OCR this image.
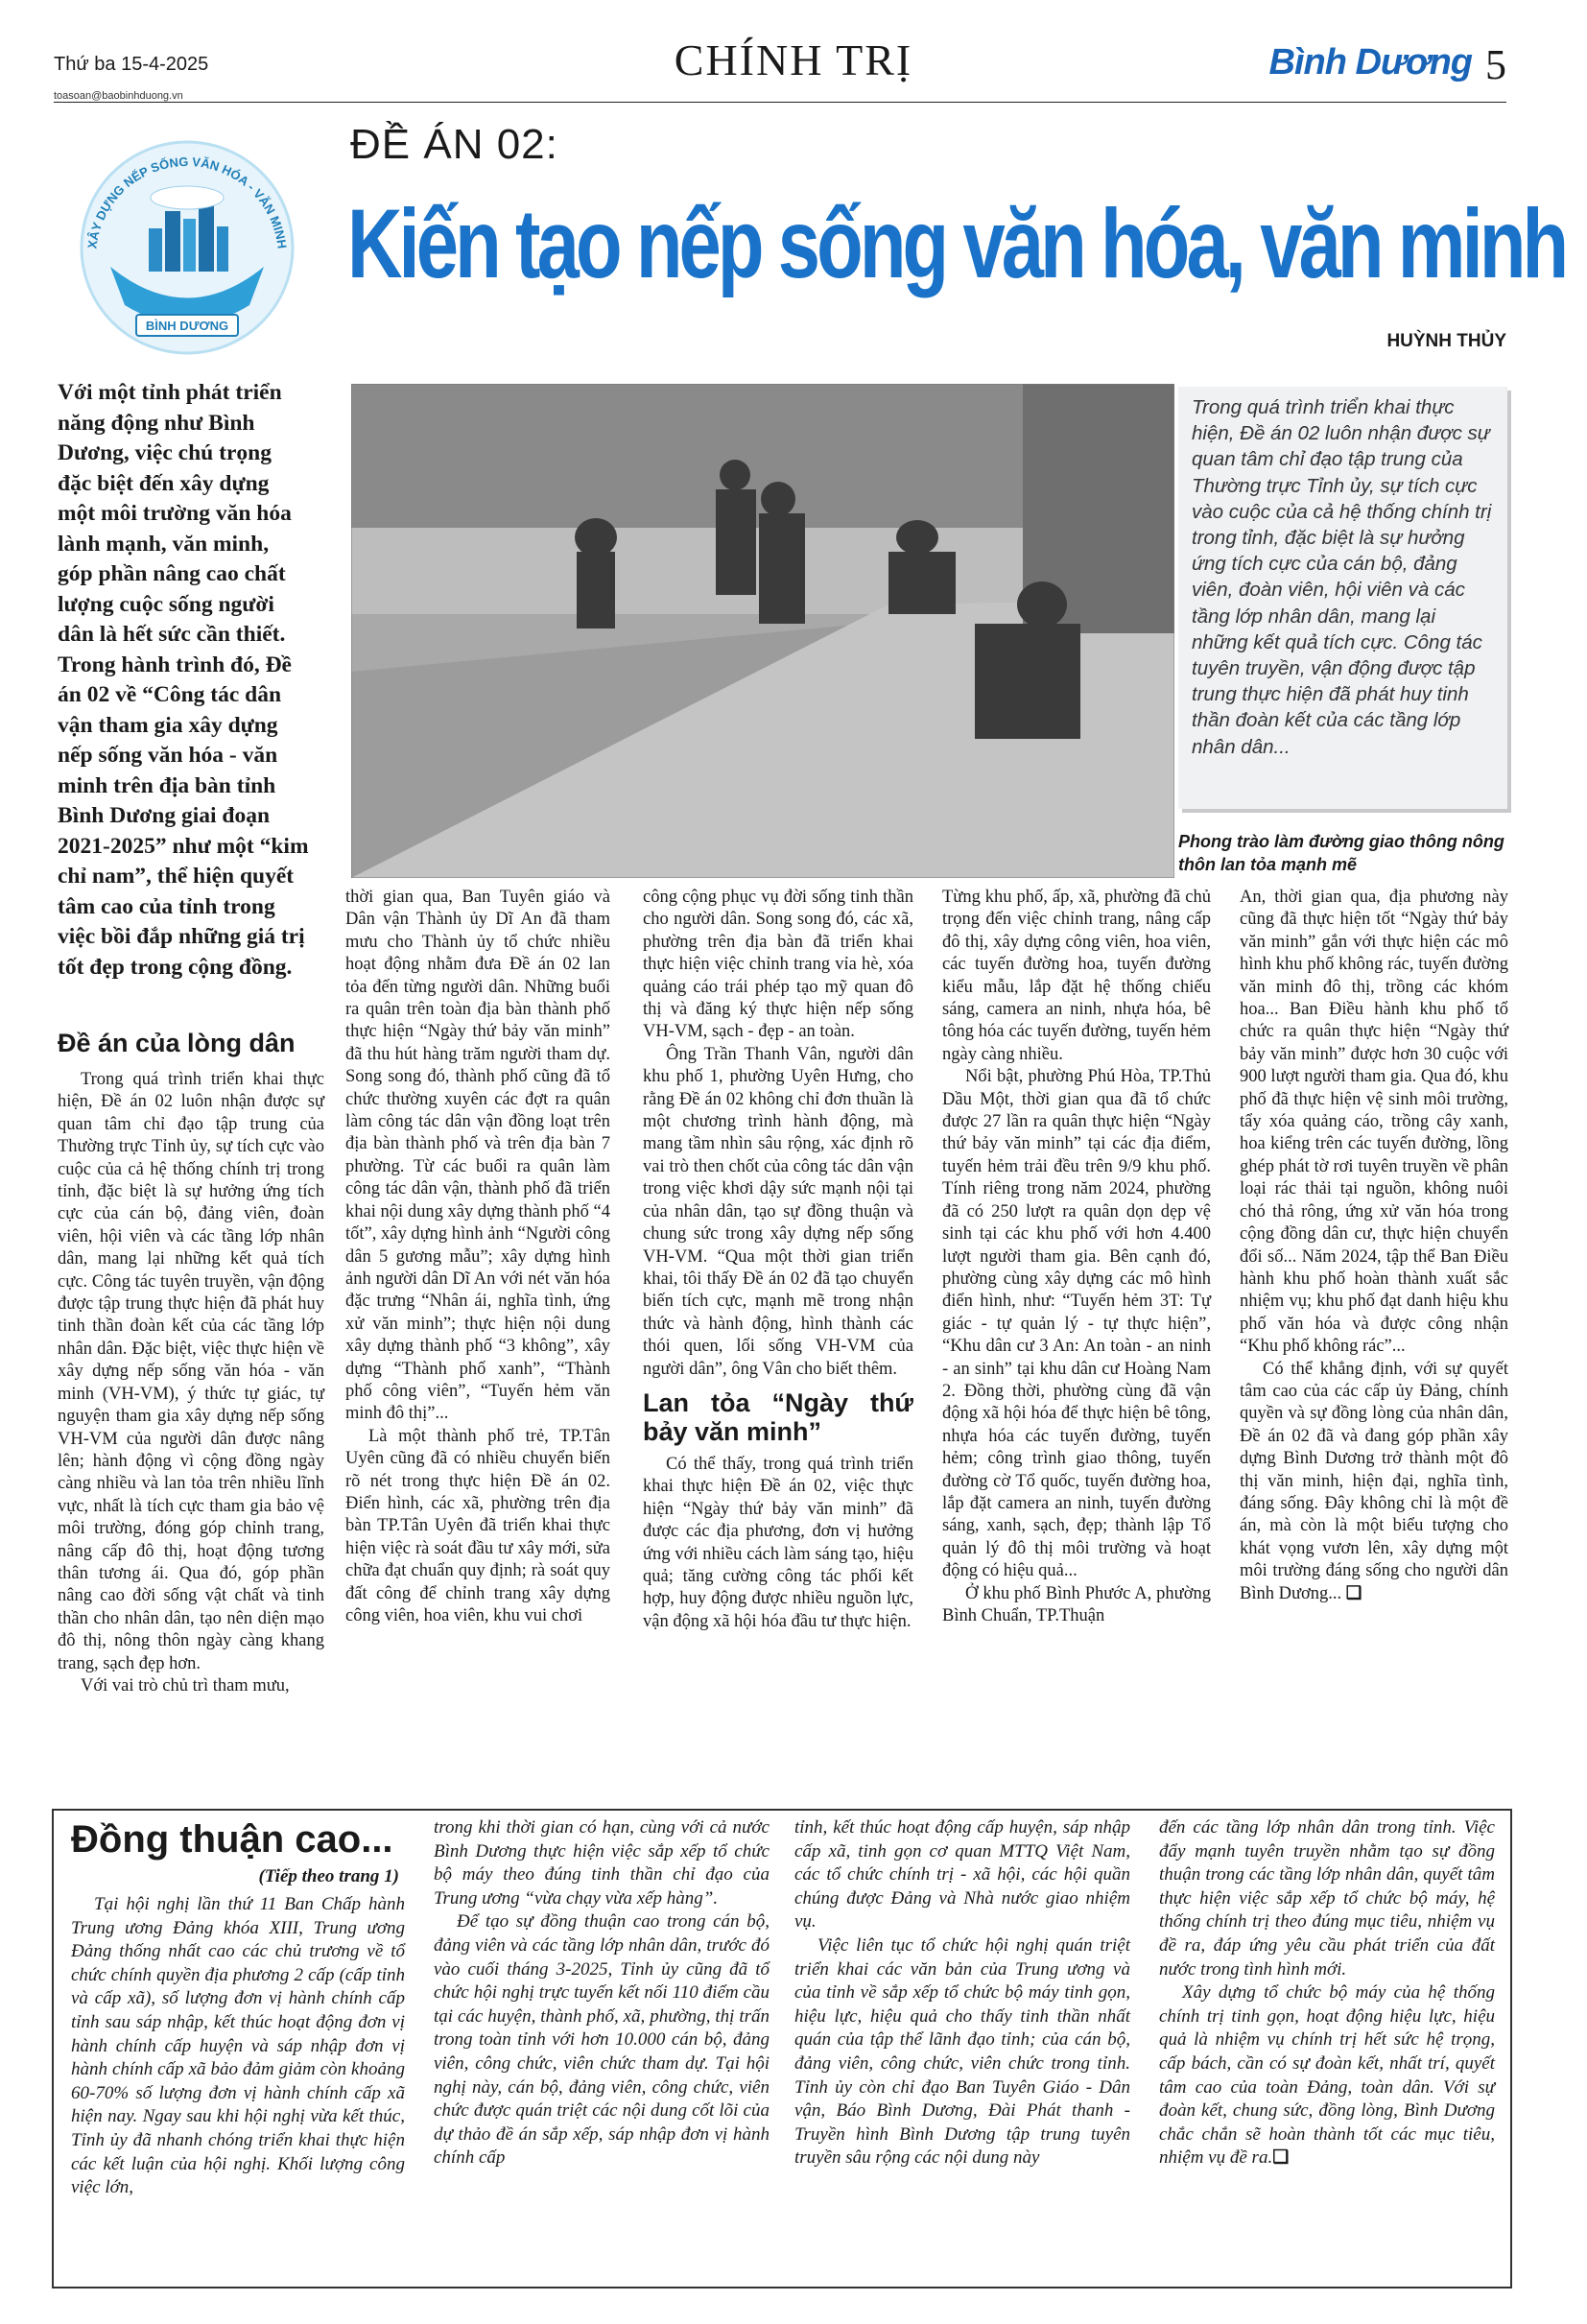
Thứ ba 15-4-2025
toasoan@baobinhduong.vn
CHÍNH TRỊ	Bình Dương 5
XÂY DỰNG NẾP SỐNG VĂN HÓA - VĂN MINH
BÌNH DƯƠNG
ĐỀ ÁN 02:
Kiến tạo nếp sống văn hóa, văn minh
HUỲNH THỦY
Với một tỉnh phát triển năng động như Bình Dương, việc chú trọng đặc biệt đến xây dựng một môi trường văn hóa lành mạnh, văn minh, góp phần nâng cao chất lượng cuộc sống người dân là hết sức cần thiết. Trong hành trình đó, Đề án 02 về “Công tác dân vận tham gia xây dựng nếp sống văn hóa - văn minh trên địa bàn tỉnh Bình Dương giai đoạn 2021-2025” như một “kim chỉ nam”, thể hiện quyết tâm cao của tỉnh trong việc bồi đắp những giá trị tốt đẹp trong cộng đồng.
Phong trào làm đường giao thông nông thôn lan tỏa mạnh mẽ

Trong quá trình triển khai thực hiện, Đề án 02 luôn nhận được sự quan tâm chỉ đạo tập trung của Thường trực Tỉnh ủy, sự tích cực vào cuộc của cả hệ thống chính trị trong tỉnh, đặc biệt là sự hưởng ứng tích cực của cán bộ, đảng viên, đoàn viên, hội viên và các tầng lớp nhân dân, mang lại những kết quả tích cực. Công tác tuyên truyền, vận động được tập trung thực hiện đã phát huy tinh thần đoàn kết của các tầng lớp nhân dân...

Đề án của lòng dân

Trong quá trình triển khai thực hiện, Đề án 02 luôn nhận được sự quan tâm chỉ đạo tập trung của Thường trực Tỉnh ủy, sự tích cực vào cuộc của cả hệ thống chính trị trong tỉnh, đặc biệt là sự hưởng ứng tích cực của cán bộ, đảng viên, đoàn viên, hội viên và các tầng lớp nhân dân, mang lại những kết quả tích cực. Công tác tuyên truyền, vận động được tập trung thực hiện đã phát huy tinh thần đoàn kết của các tầng lớp nhân dân. Đặc biệt, việc thực hiện về xây dựng nếp sống văn hóa - văn minh (VH-VM), ý thức tự giác, tự nguyện tham gia xây dựng nếp sống VH-VM của người dân được nâng lên; hành động vì cộng đồng ngày càng nhiều và lan tỏa trên nhiều lĩnh vực, nhất là tích cực tham gia bảo vệ môi trường, đóng góp chỉnh trang, nâng cấp đô thị, hoạt động tương thân tương ái. Qua đó, góp phần nâng cao đời sống vật chất và tinh thần cho nhân dân, tạo nên diện mạo đô thị, nông thôn ngày càng khang trang, sạch đẹp hơn.

Với vai trò chủ trì tham mưu,

thời gian qua, Ban Tuyên giáo và Dân vận Thành ủy Dĩ An đã tham mưu cho Thành ủy tổ chức nhiều hoạt động nhằm đưa Đề án 02 lan tỏa đến từng người dân. Những buổi ra quân trên toàn địa bàn thành phố thực hiện “Ngày thứ bảy văn minh” đã thu hút hàng trăm người tham dự. Song song đó, thành phố cũng đã tổ chức thường xuyên các đợt ra quân làm công tác dân vận đồng loạt trên địa bàn thành phố và trên địa bàn 7 phường. Từ các buổi ra quân làm công tác dân vận, thành phố đã triển khai nội dung xây dựng thành phố “4 tốt”, xây dựng hình ảnh “Người công dân 5 gương mẫu”; xây dựng hình ảnh người dân Dĩ An với nét văn hóa đặc trưng “Nhân ái, nghĩa tình, ứng xử văn minh”; thực hiện nội dung xây dựng thành phố “3 không”, xây dựng “Thành phố xanh”, “Thành phố công viên”, “Tuyến hẻm văn minh đô thị”...

Là một thành phố trẻ, TP.Tân Uyên cũng đã có nhiều chuyển biến rõ nét trong thực hiện Đề án 02. Điển hình, các xã, phường trên địa bàn TP.Tân Uyên đã triển khai thực hiện việc rà soát đầu tư xây mới, sửa chữa đạt chuẩn quy định; rà soát quy đất công để chỉnh trang xây dựng công viên, hoa viên, khu vui chơi

công cộng phục vụ đời sống tinh thần cho người dân. Song song đó, các xã, phường trên địa bàn đã triển khai thực hiện việc chỉnh trang vỉa hè, xóa quảng cáo trái phép tạo mỹ quan đô thị và đăng ký thực hiện nếp sống VH-VM, sạch - đẹp - an toàn.

Ông Trần Thanh Vân, người dân khu phố 1, phường Uyên Hưng, cho rằng Đề án 02 không chỉ đơn thuần là một chương trình hành động, mà mang tầm nhìn sâu rộng, xác định rõ vai trò then chốt của công tác dân vận trong việc khơi dậy sức mạnh nội tại của nhân dân, tạo sự đồng thuận và chung sức trong xây dựng nếp sống VH-VM. “Qua một thời gian triển khai, tôi thấy Đề án 02 đã tạo chuyển biến tích cực, mạnh mẽ trong nhận thức và hành động, hình thành các thói quen, lối sống VH-VM của người dân”, ông Vân cho biết thêm.

Lan tỏa “Ngày thứ bảy văn minh”

Có thể thấy, trong quá trình triển khai thực hiện Đề án 02, việc thực hiện “Ngày thứ bảy văn minh” đã được các địa phương, đơn vị hưởng ứng với nhiều cách làm sáng tạo, hiệu quả; tăng cường công tác phối kết hợp, huy động được nhiều nguồn lực, vận động xã hội hóa đầu tư thực hiện.

Từng khu phố, ấp, xã, phường đã chủ trọng đến việc chỉnh trang, nâng cấp đô thị, xây dựng công viên, hoa viên, các tuyến đường hoa, tuyến đường kiểu mẫu, lắp đặt hệ thống chiếu sáng, camera an ninh, nhựa hóa, bê tông hóa các tuyến đường, tuyến hẻm ngày càng nhiều.

Nổi bật, phường Phú Hòa, TP.Thủ Dầu Một, thời gian qua đã tổ chức được 27 lần ra quân thực hiện “Ngày thứ bảy văn minh” tại các địa điểm, tuyến hẻm trải đều trên 9/9 khu phố. Tính riêng trong năm 2024, phường đã có 250 lượt ra quân dọn dẹp vệ sinh tại các khu phố với hơn 4.400 lượt người tham gia. Bên cạnh đó, phường cùng xây dựng các mô hình điển hình, như: “Tuyến hẻm 3T: Tự giác - tự quản lý - tự thực hiện”, “Khu dân cư 3 An: An toàn - an ninh - an sinh” tại khu dân cư Hoàng Nam 2. Đồng thời, phường cùng đã vận động xã hội hóa để thực hiện bê tông, nhựa hóa các tuyến đường, tuyến hẻm; công trình giao thông, tuyến đường cờ Tổ quốc, tuyến đường hoa, lắp đặt camera an ninh, tuyến đường sáng, xanh, sạch, đẹp; thành lập Tổ quản lý đô thị môi trường và hoạt động có hiệu quả...

Ở khu phố Bình Phước A, phường Bình Chuẩn, TP.Thuận

An, thời gian qua, địa phương này cũng đã thực hiện tốt “Ngày thứ bảy văn minh” gắn với thực hiện các mô hình khu phố không rác, tuyến đường văn minh đô thị, trồng các khóm hoa... Ban Điều hành khu phố tổ chức ra quân thực hiện “Ngày thứ bảy văn minh” được hơn 30 cuộc với 900 lượt người tham gia. Qua đó, khu phố đã thực hiện vệ sinh môi trường, tẩy xóa quảng cáo, trồng cây xanh, hoa kiểng trên các tuyến đường, lồng ghép phát tờ rơi tuyên truyền về phân loại rác thải tại nguồn, không nuôi chó thả rông, ứng xử văn hóa trong cộng đồng dân cư, thực hiện chuyển đổi số... Năm 2024, tập thể Ban Điều hành khu phố hoàn thành xuất sắc nhiệm vụ; khu phố đạt danh hiệu khu phố văn hóa và được công nhận “Khu phố không rác”...

Có thể khẳng định, với sự quyết tâm cao của các cấp ủy Đảng, chính quyền và sự đồng lòng của nhân dân, Đề án 02 đã và đang góp phần xây dựng Bình Dương trở thành một đô thị văn minh, hiện đại, nghĩa tình, đáng sống. Đây không chỉ là một đề án, mà còn là một biểu tượng cho khát vọng vươn lên, xây dựng một môi trường đáng sống cho người dân Bình Dương... ❑

Đồng thuận cao...
(Tiếp theo trang 1)

Tại hội nghị lần thứ 11 Ban Chấp hành Trung ương Đảng khóa XIII, Trung ương Đảng thống nhất cao các chủ trương về tổ chức chính quyền địa phương 2 cấp (cấp tỉnh và cấp xã), số lượng đơn vị hành chính cấp tỉnh sau sáp nhập, kết thúc hoạt động đơn vị hành chính cấp huyện và sáp nhập đơn vị hành chính cấp xã bảo đảm giảm còn khoảng 60-70% số lượng đơn vị hành chính cấp xã hiện nay. Ngay sau khi hội nghị vừa kết thúc, Tỉnh ủy đã nhanh chóng triển khai thực hiện các kết luận của hội nghị. Khối lượng công việc lớn,

trong khi thời gian có hạn, cùng với cả nước Bình Dương thực hiện việc sắp xếp tổ chức bộ máy theo đúng tinh thần chỉ đạo của Trung ương “vừa chạy vừa xếp hàng”.

Để tạo sự đồng thuận cao trong cán bộ, đảng viên và các tầng lớp nhân dân, trước đó vào cuối tháng 3-2025, Tỉnh ủy cũng đã tổ chức hội nghị trực tuyến kết nối 110 điểm cầu tại các huyện, thành phố, xã, phường, thị trấn trong toàn tỉnh với hơn 10.000 cán bộ, đảng viên, công chức, viên chức tham dự. Tại hội nghị này, cán bộ, đảng viên, công chức, viên chức được quán triệt các nội dung cốt lõi của dự thảo đề án sắp xếp, sáp nhập đơn vị hành chính cấp

tỉnh, kết thúc hoạt động cấp huyện, sáp nhập cấp xã, tinh gọn cơ quan MTTQ Việt Nam, các tổ chức chính trị - xã hội, các hội quần chúng được Đảng và Nhà nước giao nhiệm vụ.

Việc liên tục tổ chức hội nghị quán triệt triển khai các văn bản của Trung ương và của tỉnh về sắp xếp tổ chức bộ máy tinh gọn, hiệu lực, hiệu quả cho thấy tinh thần nhất quán của tập thể lãnh đạo tỉnh; của cán bộ, đảng viên, công chức, viên chức trong tỉnh. Tỉnh ủy còn chỉ đạo Ban Tuyên Giáo - Dân vận, Báo Bình Dương, Đài Phát thanh - Truyền hình Bình Dương tập trung tuyên truyền sâu rộng các nội dung này

đến các tầng lớp nhân dân trong tỉnh. Việc đẩy mạnh tuyên truyền nhằm tạo sự đồng thuận trong các tầng lớp nhân dân, quyết tâm thực hiện việc sắp xếp tổ chức bộ máy, hệ thống chính trị theo đúng mục tiêu, nhiệm vụ đề ra, đáp ứng yêu cầu phát triển của đất nước trong tình hình mới.

Xây dựng tổ chức bộ máy của hệ thống chính trị tinh gọn, hoạt động hiệu lực, hiệu quả là nhiệm vụ chính trị hết sức hệ trọng, cấp bách, cần có sự đoàn kết, nhất trí, quyết tâm cao của toàn Đảng, toàn dân. Với sự đoàn kết, chung sức, đồng lòng, Bình Dương chắc chắn sẽ hoàn thành tốt các mục tiêu, nhiệm vụ đề ra.❑
